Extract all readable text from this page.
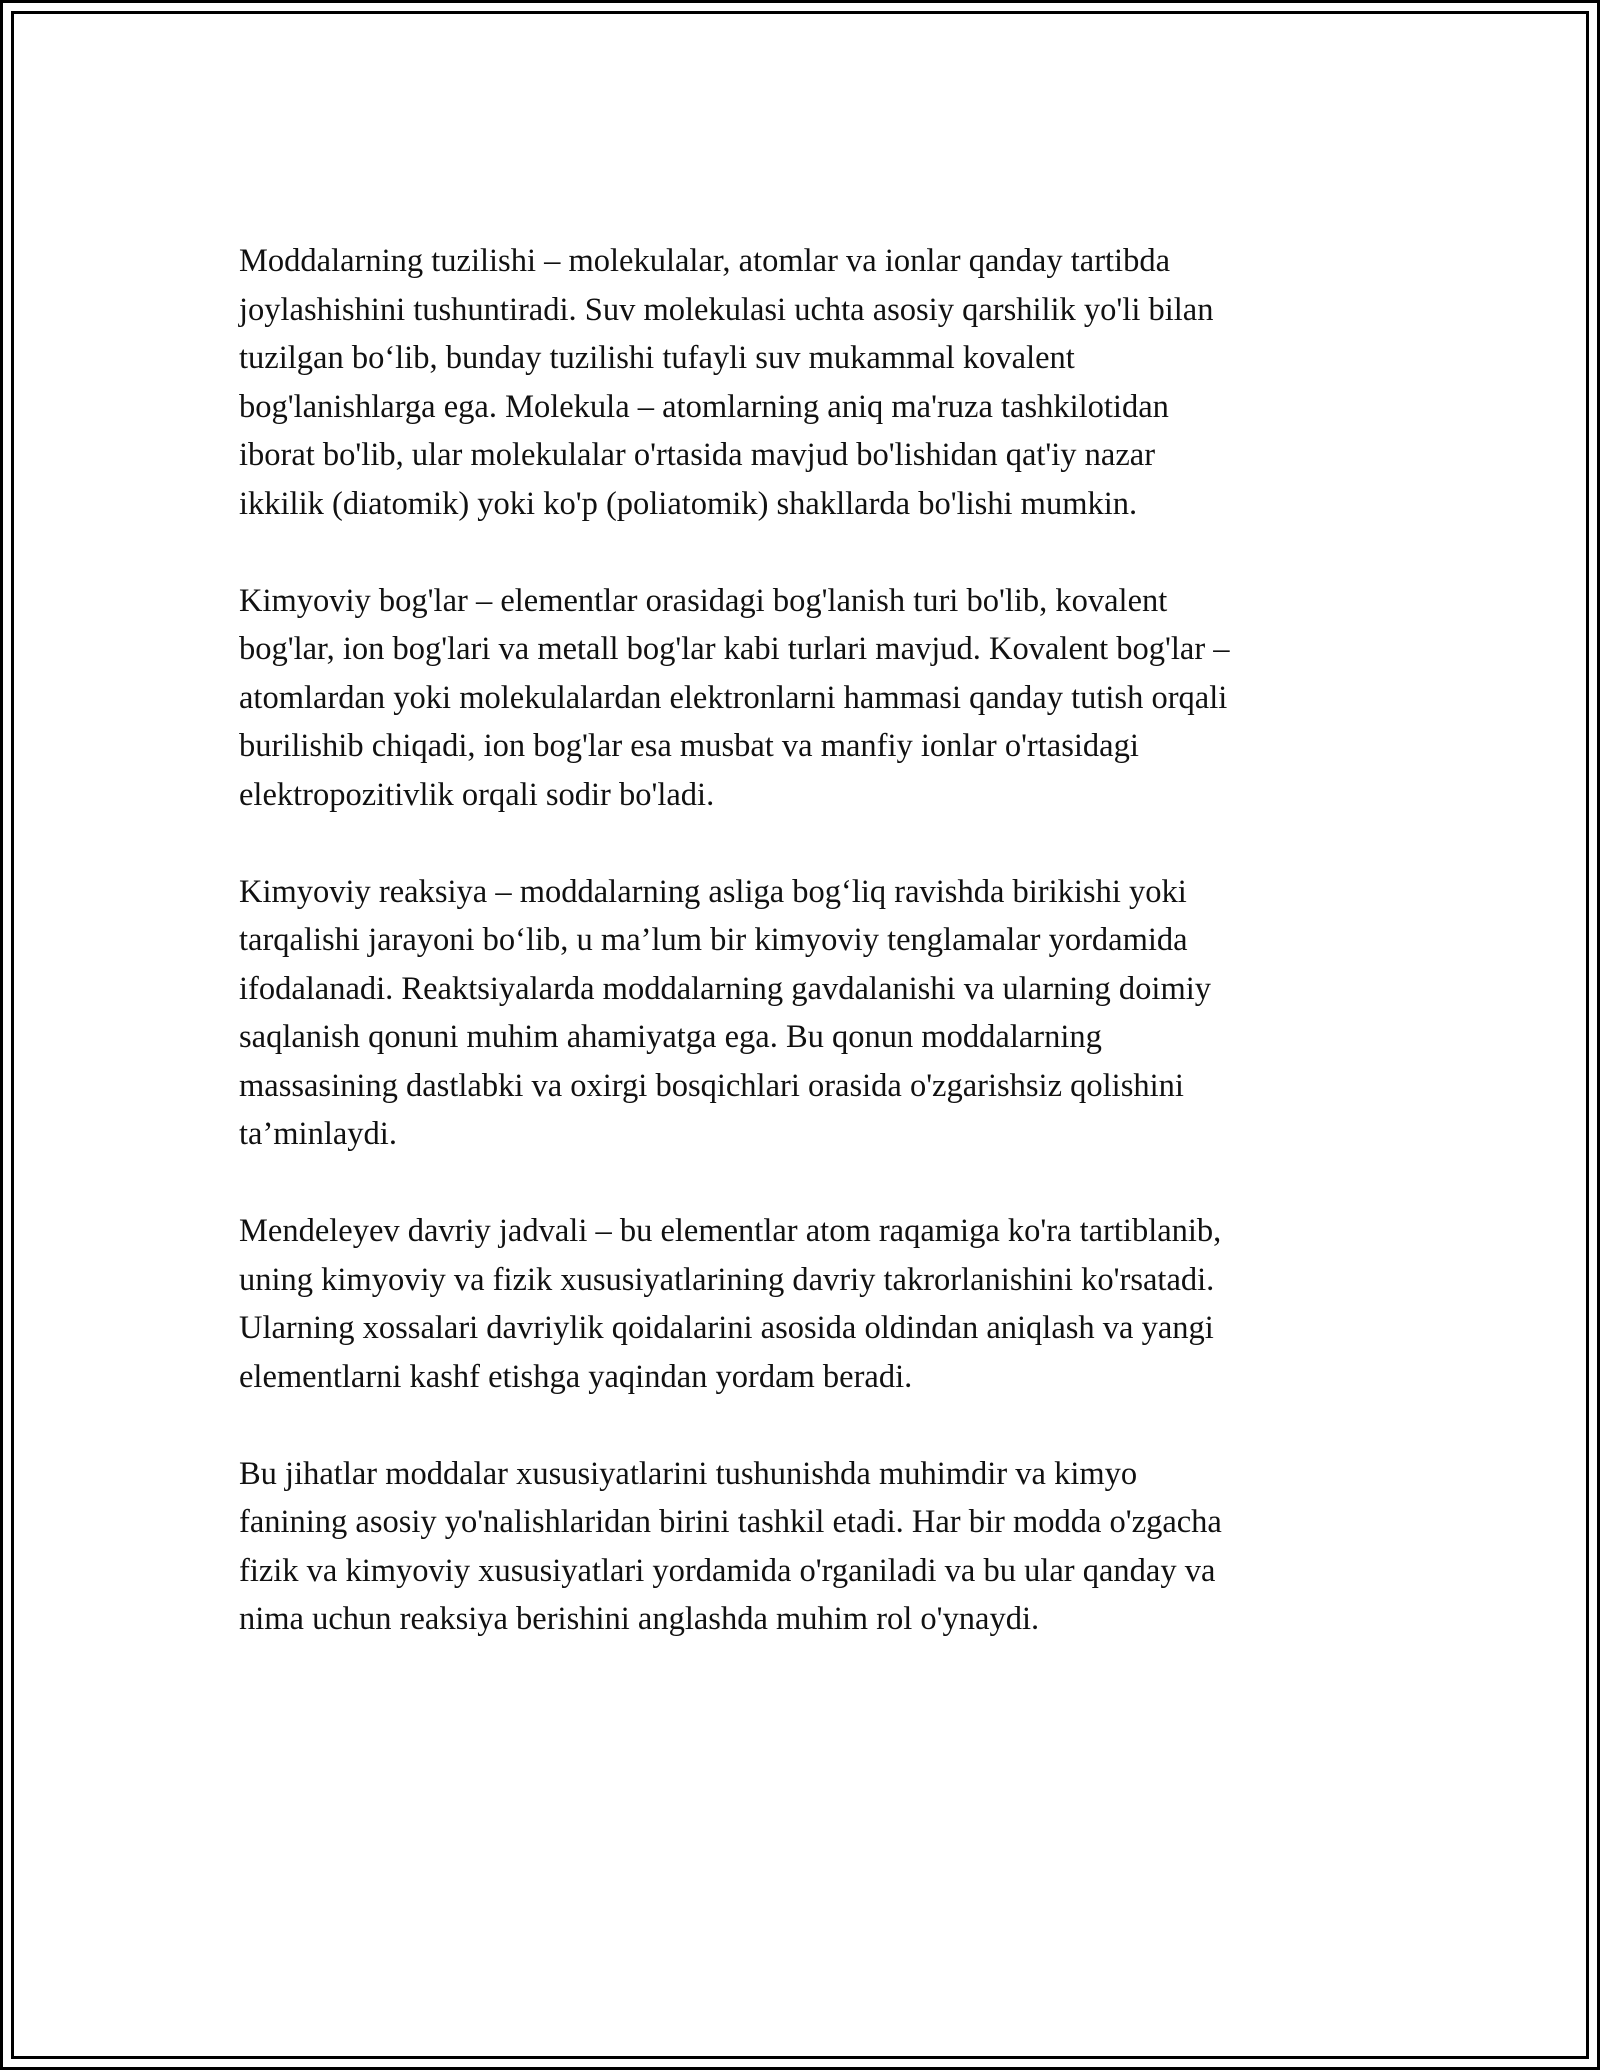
Moddalarning tuzilishi – molekulalar, atomlar va ionlar qanday tartibda
joylashishini tushuntiradi. Suv molekulasi uchta asosiy qarshilik yo'li bilan
tuzilgan bo‘lib, bunday tuzilishi tufayli suv mukammal kovalent
bog'lanishlarga ega. Molekula – atomlarning aniq ma'ruza tashkilotidan
iborat bo'lib, ular molekulalar o'rtasida mavjud bo'lishidan qat'iy nazar
ikkilik (diatomik) yoki ko'p (poliatomik) shakllarda bo'lishi mumkin.

Kimyoviy bog'lar – elementlar orasidagi bog'lanish turi bo'lib, kovalent
bog'lar, ion bog'lari va metall bog'lar kabi turlari mavjud. Kovalent bog'lar –
atomlardan yoki molekulalardan elektronlarni hammasi qanday tutish orqali
burilishib chiqadi, ion bog'lar esa musbat va manfiy ionlar o'rtasidagi
elektropozitivlik orqali sodir bo'ladi.

Kimyoviy reaksiya – moddalarning asliga bog‘liq ravishda birikishi yoki
tarqalishi jarayoni bo‘lib, u ma’lum bir kimyoviy tenglamalar yordamida
ifodalanadi. Reaktsiyalarda moddalarning gavdalanishi va ularning doimiy
saqlanish qonuni muhim ahamiyatga ega. Bu qonun moddalarning
massasining dastlabki va oxirgi bosqichlari orasida o'zgarishsiz qolishini
ta’minlaydi.

Mendeleyev davriy jadvali – bu elementlar atom raqamiga ko'ra tartiblanib,
uning kimyoviy va fizik xususiyatlarining davriy takrorlanishini ko'rsatadi.
Ularning xossalari davriylik qoidalarini asosida oldindan aniqlash va yangi
elementlarni kashf etishga yaqindan yordam beradi.

Bu jihatlar moddalar xususiyatlarini tushunishda muhimdir va kimyo
fanining asosiy yo'nalishlaridan birini tashkil etadi. Har bir modda o'zgacha
fizik va kimyoviy xususiyatlari yordamida o'rganiladi va bu ular qanday va
nima uchun reaksiya berishini anglashda muhim rol o'ynaydi.
